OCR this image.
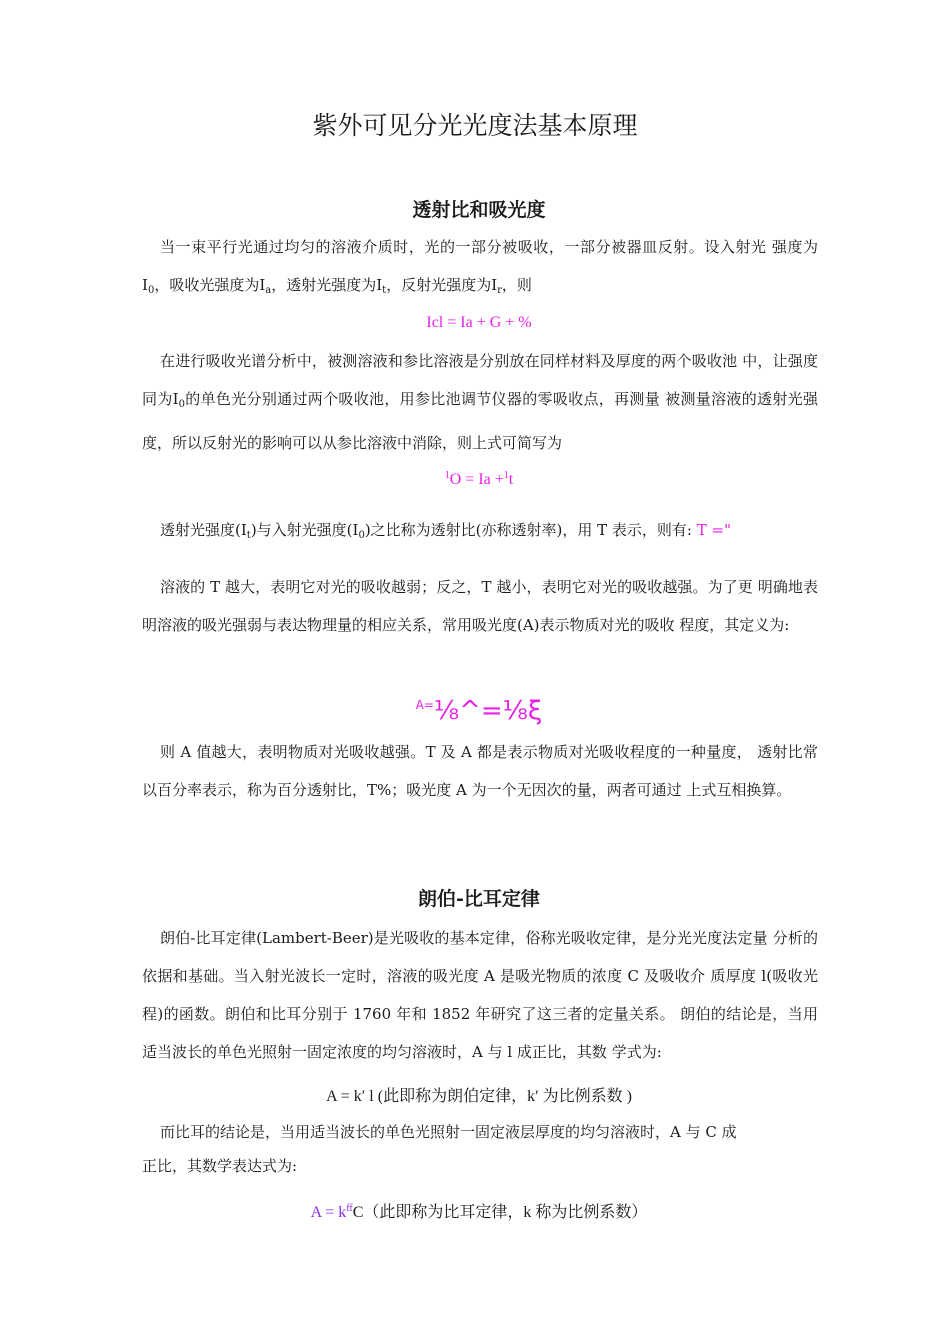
紫外可见分光光度法基本原理
透射比和吸光度

当一束平行光通过均匀的溶液介质时，光的一部分被吸收，一部分被器皿反射。设入射光 强度为$I_0$，吸收光强度为$I_a$，透射光强度为$I_t$，反射光强度为$I_r$，则

Icl = Ia + G + %

在进行吸收光谱分析中，被测溶液和参比溶液是分别放在同样材料及厚度的两个吸收池 中，让强度同为$I_0$的单色光分别通过两个吸收池，用参比池调节仪器的零吸收点，再测量 被测量溶液的透射光强度，所以反射光的影响可以从参比溶液中消除，则上式可简写为

$^1$O = Ia +$^1$t

透射光强度$(I_t)$与入射光强度$(I_0)$之比称为透射比(亦称透射率)，用 T 表示，则有: T ="

溶液的 T 越大，表明它对光的吸收越弱；反之，T 越小，表明它对光的吸收越强。为了更 明确地表明溶液的吸光强弱与表达物理量的相应关系，常用吸光度(A)表示物质对光的吸收 程度，其定义为:

$^{A=}$⅛^=⅛ξ

则 A 值越大，表明物质对光吸收越强。T 及 A 都是表示物质对光吸收程度的一种量度， 透射比常以百分率表示，称为百分透射比，T%；吸光度 A 为一个无因次的量，两者可通过 上式互相换算。

朗伯-比耳定律

朗伯-比耳定律(Lambert-Beer)是光吸收的基本定律，俗称光吸收定律，是分光光度法定量 分析的依据和基础。当入射光波长一定时，溶液的吸光度 A 是吸光物质的浓度 C 及吸收介 质厚度 l(吸收光程)的函数。朗伯和比耳分别于 1760 年和 1852 年研究了这三者的定量关系。 朗伯的结论是，当用适当波长的单色光照射一固定浓度的均匀溶液时，A 与 l 成正比，其数 学式为:

A = k′ l (此即称为朗伯定律，k′ 为比例系数 )

而比耳的结论是，当用适当波长的单色光照射一固定液层厚度的均匀溶液时，A 与 C 成

正比，其数学表达式为:

$A = k^{ff}C$（此即称为比耳定律，k 称为比例系数）
